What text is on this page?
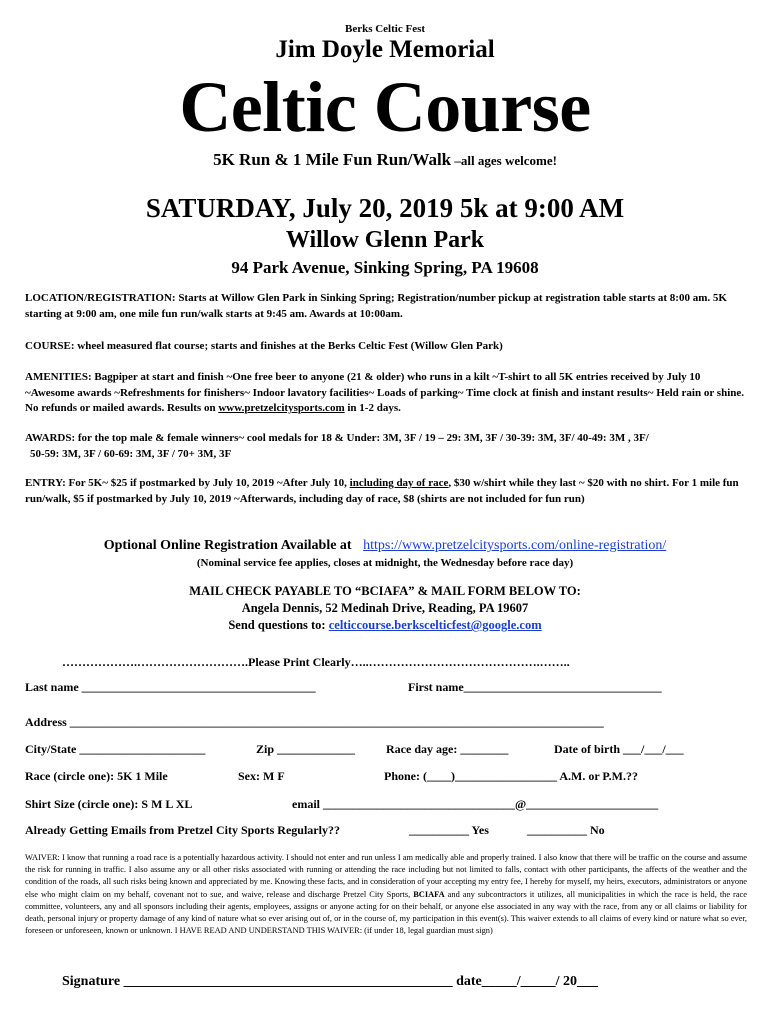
Berks Celtic Fest
Jim Doyle Memorial
Celtic Course
5K Run & 1 Mile Fun Run/Walk –all ages welcome!
SATURDAY, July 20, 2019 5k at 9:00 AM
Willow Glenn Park
94 Park Avenue, Sinking Spring, PA 19608
LOCATION/REGISTRATION: Starts at Willow Glen Park in Sinking Spring; Registration/number pickup at registration table starts at 8:00 am. 5K starting at 9:00 am, one mile fun run/walk starts at 9:45 am. Awards at 10:00am.
COURSE: wheel measured flat course; starts and finishes at the Berks Celtic Fest (Willow Glen Park)
AMENITIES: Bagpiper at start and finish ~One free beer to anyone (21 & older) who runs in a kilt ~T-shirt to all 5K entries received by July 10 ~Awesome awards ~Refreshments for finishers~ Indoor lavatory facilities~ Loads of parking~ Time clock at finish and instant results~ Held rain or shine. No refunds or mailed awards. Results on www.pretzelcitysports.com in 1-2 days.
AWARDS: for the top male & female winners~ cool medals for 18 & Under: 3M, 3F / 19 – 29: 3M, 3F / 30-39: 3M, 3F/ 40-49: 3M , 3F/
50-59: 3M, 3F / 60-69: 3M, 3F / 70+ 3M, 3F
ENTRY: For 5K~ $25 if postmarked by July 10, 2019 ~After July 10, including day of race, $30 w/shirt while they last ~ $20 with no shirt. For 1 mile fun run/walk, $5 if postmarked by July 10, 2019 ~Afterwards, including day of race, $8 (shirts are not included for fun run)
Optional Online Registration Available at https://www.pretzelcitysports.com/online-registration/
(Nominal service fee applies, closes at midnight, the Wednesday before race day)
MAIL CHECK PAYABLE TO “BCIAFA” & MAIL FORM BELOW TO:
Angela Dennis, 52 Medinah Drive, Reading, PA 19607
Send questions to: celticcourse.berkscelticfest@google.com
……………….……………………….Please Print Clearly…..…………………………………….……..
Last name _______________________________________	First name_________________________________
Address _________________________________________________________________________________________
City/State _____________________	Zip _____________	Race day age: ________	Date of birth ___/___/___
Race (circle one): 5K 1 Mile	Sex: M F	Phone: (____)_________________ A.M. or P.M.??
Shirt Size (circle one): S M L XL	email ________________________________@______________________
Already Getting Emails from Pretzel City Sports Regularly??	__________ Yes	__________ No
WAIVER: I know that running a road race is a potentially hazardous activity. I should not enter and run unless I am medically able and properly trained. I also know that there will be traffic on the course and assume the risk for running in traffic. I also assume any or all other risks associated with running or attending the race including but not limited to falls, contact with other participants, the affects of the weather and the condition of the roads, all such risks being known and appreciated by me. Knowing these facts, and in consideration of your accepting my entry fee, I hereby for myself, my heirs, executors, administrators or anyone else who might claim on my behalf, covenant not to sue, and waive, release and discharge Pretzel City Sports, BCIAFA and any subcontractors it utilizes, all municipalities in which the race is held, the race committee, volunteers, any and all sponsors including their agents, employees, assigns or anyone acting for on their behalf, or anyone else associated in any way with the race, from any or all claims or liability for death, personal injury or property damage of any kind of nature what so ever arising out of, or in the course of, my participation in this event(s). This waiver extends to all claims of every kind or nature what so ever, foreseen or unforeseen, known or unknown. I HAVE READ AND UNDERSTAND THIS WAIVER: (if under 18, legal guardian must sign)
Signature _______________________________________________ date_____/_____/ 20___
